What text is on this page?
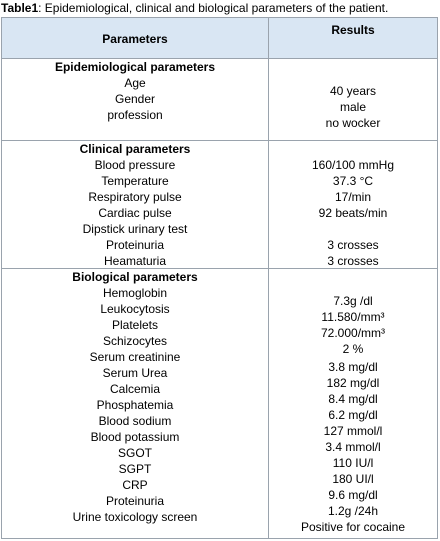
Table1: Epidemiological, clinical and biological parameters of the patient.
Parameters
Results
Epidemiological parameters
Age
Gender
profession
40 years
male
no wocker
Clinical parameters
Blood pressure
Temperature
Respiratory pulse
Cardiac pulse
Dipstick urinary test
Proteinuria
Heamaturia
160/100 mmHg
37.3 °C
17/min
92 beats/min
3 crosses
3 crosses
Biological parameters
Hemoglobin
Leukocytosis
Platelets
Schizocytes
Serum creatinine
Serum Urea
Calcemia
Phosphatemia
Blood sodium
Blood potassium
SGOT
SGPT
CRP
Proteinuria
Urine toxicology screen
7.3g /dl
11.580/mm³
72.000/mm³
2 %
3.8 mg/dl
182 mg/dl
8.4 mg/dl
6.2 mg/dl
127 mmol/l
3.4 mmol/l
110 IU/l
180 UI/l
9.6 mg/dl
1.2g /24h
Positive for cocaine
